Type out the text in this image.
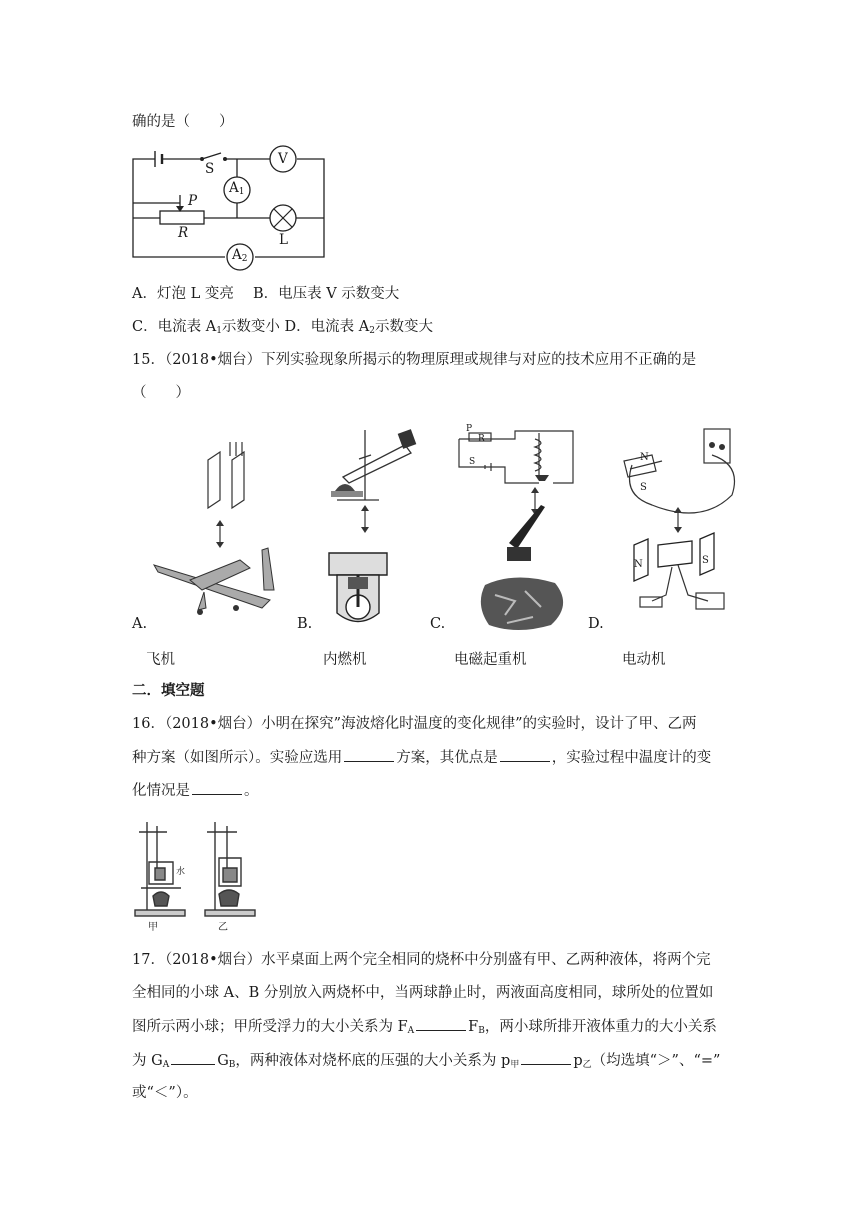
确的是（　　）
S
V
$A_1$
$A_2$
P
R	L
A．灯泡 L 变亮　 B．电压表 V 示数变大
C．电流表 $A_1$示数变小 D．电流表 $A_2$示数变大
15．（2018•烟台）下列实验现象所揭示的物理原理或规律与对应的技术应用不正确的是
（　　）
P
R
S	N
S
N	S
A.	B.	C.	D.
飞机	内燃机	电磁起重机	电动机
二．填空题
16．（2018•烟台）小明在探究”海波熔化时温度的变化规律”的实验时，设计了甲、乙两
种方案（如图所示）。实验应选用	方案，其优点是	，实验过程中温度计的变
化情况是	。
甲	乙
水
17．（2018•烟台）水平桌面上两个完全相同的烧杯中分别盛有甲、乙两种液体，将两个完
全相同的小球 A、B 分别放入两烧杯中，当两球静止时，两液面高度相同，球所处的位置如
图所示两小球；甲所受浮力的大小关系为 $F_A$	$F_B$，两小球所排开液体重力的大小关系
为 $G_A$	$G_B$，两种液体对烧杯底的压强的大小关系为 $p_甲$	$p_乙$（均选填“＞”、“=”
或“＜”）。
